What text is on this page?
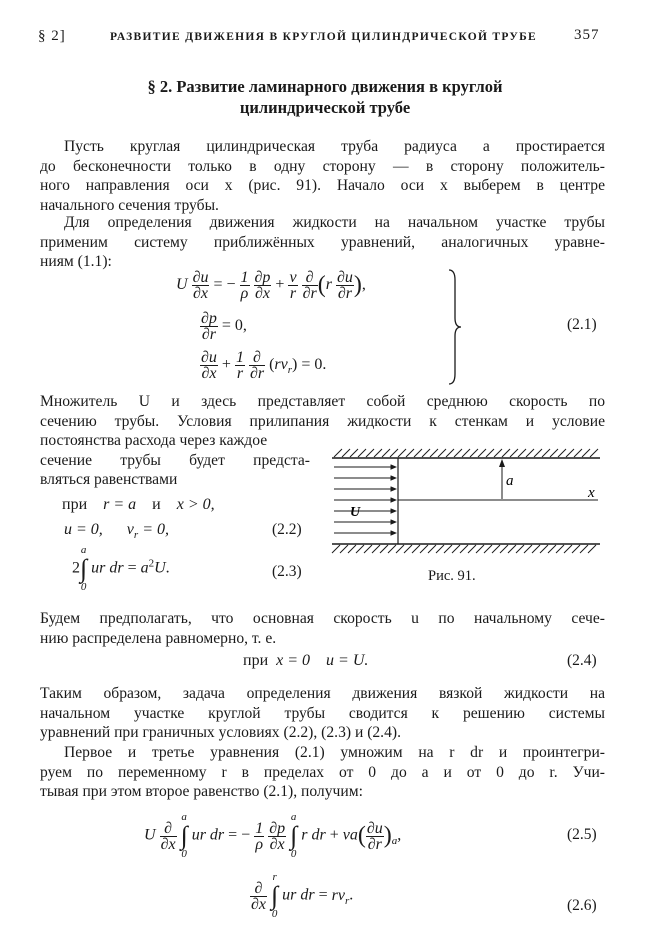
§ 2]	РАЗВИТИЕ ДВИЖЕНИЯ В КРУГЛОЙ ЦИЛИНДРИЧЕСКОЙ ТРУБЕ 357
§ 2. Развитие ламинарного движения в круглой
цилиндрической трубе
Пусть круглая цилиндрическая труба радиуса a простирается
до бесконечности только в одну сторону — в сторону положитель-
ного направления оси x (рис. 91). Начало оси x выберем в центре
начального сечения трубы.
Для определения движения жидкости на начальном участке трубы
применим систему приближённых уравнений, аналогичных уравне-
ниям (1.1):
U $\frac{\partial u}{\partial x}$ = − $\frac{1}{\rho}$
$\frac{\partial p}{\partial x} + \frac{\nu}{r}$
$\frac{\partial}{\partial r} (r \frac{\partial u}{\partial r}$ ),
$\frac{\partial p}{\partial r} = 0$,
$\frac{\partial u}{\partial x} + \frac{1}{r}$
$\frac{\partial}{\partial r} (rv_r) = 0$.
(2.1)
Множитель U и здесь представляет собой среднюю скорость по
сечению трубы. Условия прилипания жидкости к стенкам и условие
постоянства расхода через каждое
сечение трубы будет предста-
вляться равенствами
при r = a и x > 0,
u = 0, $v_r = 0$,	(2.2)
2a
∫
0 ur dr = $a^2U$.	(2.3)
a
x
U
Рис. 91.
Будем предполагать, что основная скорость u по начальному сече-
нию распределена равномерно, т. е.
при x = 0 u = U.	(2.4)
Таким образом, задача определения движения вязкой жидкости на
начальном участке круглой трубы сводится к решению системы
уравнений при граничных условиях (2.2), (2.3) и (2.4).
Первое и третье уравнения (2.1) умножим на r dr и проинтегри-
руем по переменному r в пределах от 0 до a и от 0 до r. Учи-
тывая при этом второе равенство (2.1), получим:
U $\frac{\partial}{\partial x}$
a
∫
0 ur dr = − $\frac{1}{\rho}$
$\frac{\partial p}{\partial x}$
a
∫
0 r dr + $\nu a( \frac{\partial u}{\partial r} )_a$,	(2.5)
$\frac{\partial}{\partial x}$
r
∫
0 ur dr = $rv_r$.
(2.6)
